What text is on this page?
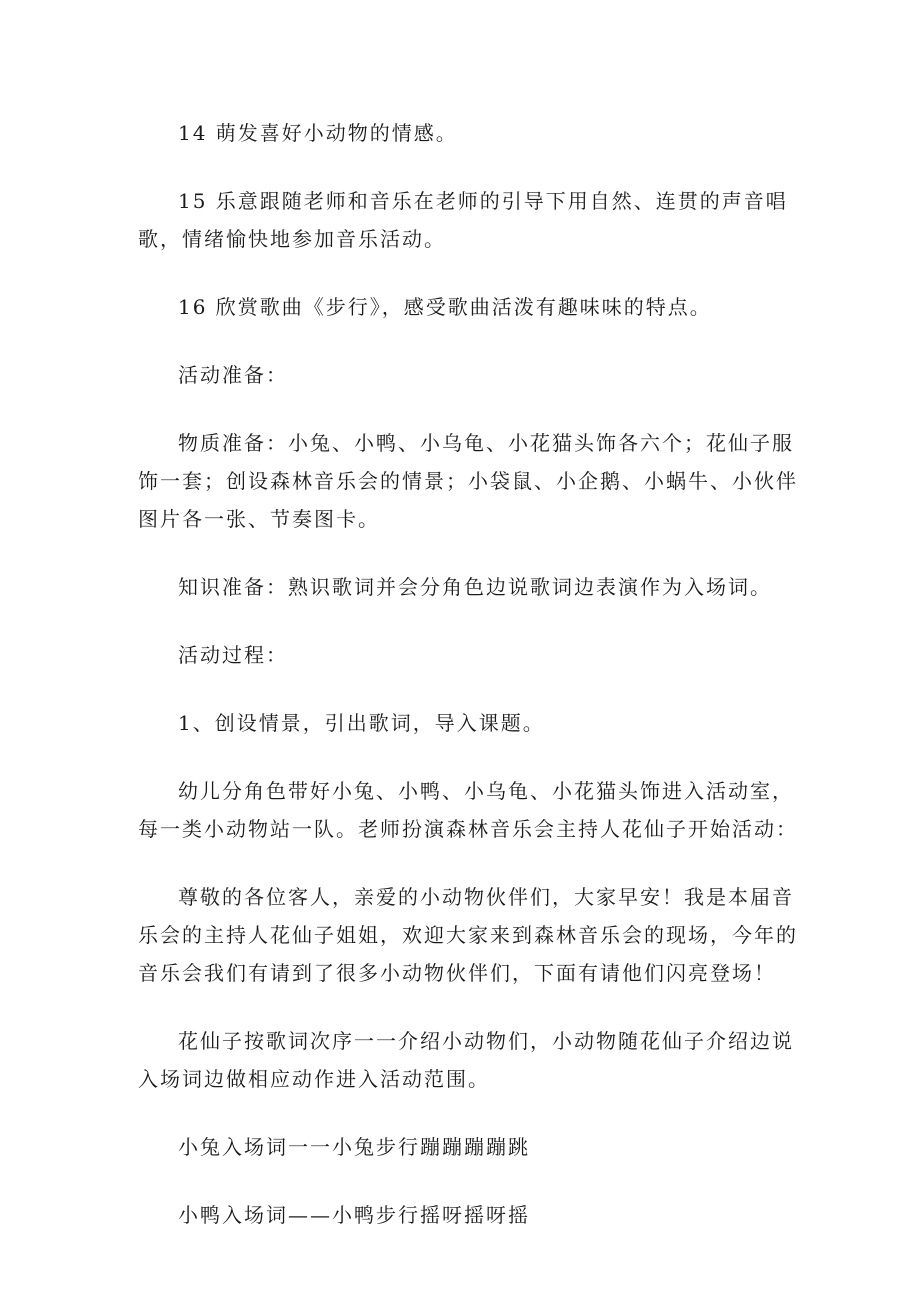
14 萌发喜好小动物的情感。

15 乐意跟随老师和音乐在老师的引导下用自然、连贯的声音唱歌，情绪愉快地参加音乐活动。

16 欣赏歌曲《步行》，感受歌曲活泼有趣味味的特点。

活动准备：

物质准备：小兔、小鸭、小乌龟、小花猫头饰各六个；花仙子服饰一套；创设森林音乐会的情景；小袋鼠、小企鹅、小蜗牛、小伙伴图片各一张、节奏图卡。

知识准备：熟识歌词并会分角色边说歌词边表演作为入场词。

活动过程：

1、创设情景，引出歌词，导入课题。

幼儿分角色带好小兔、小鸭、小乌龟、小花猫头饰进入活动室，每一类小动物站一队。老师扮演森林音乐会主持人花仙子开始活动：

尊敬的各位客人，亲爱的小动物伙伴们，大家早安！我是本届音乐会的主持人花仙子姐姐，欢迎大家来到森林音乐会的现场，今年的音乐会我们有请到了很多小动物伙伴们，下面有请他们闪亮登场！

花仙子按歌词次序一一介绍小动物们，小动物随花仙子介绍边说入场词边做相应动作进入活动范围。

小兔入场词一一小兔步行蹦蹦蹦蹦跳

小鸭入场词——小鸭步行摇呀摇呀摇
